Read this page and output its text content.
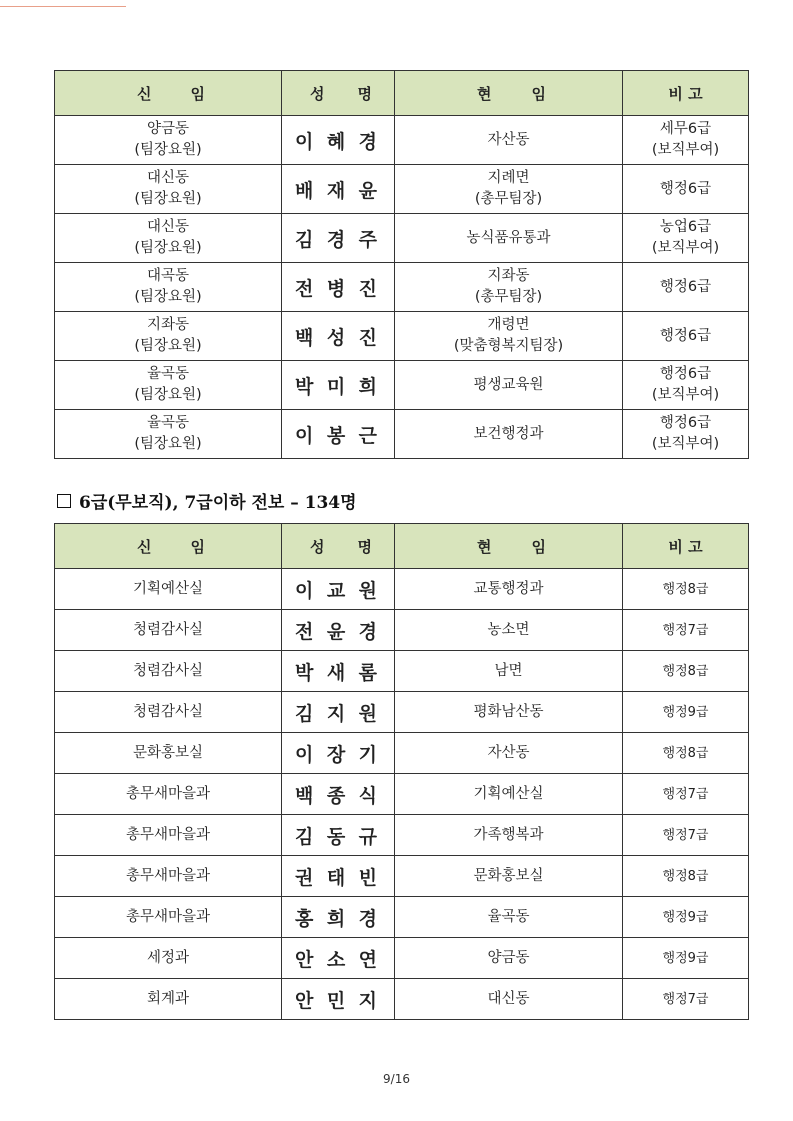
신 임	성 명	현 임	비 고

양금동
(팀장요원)	이 혜 경	자산동	세무6급
(보직부여)

대신동
(팀장요원)	배 재 윤	지례면
(총무팀장)	행정6급

대신동
(팀장요원)	김 경 주	농식품유통과	농업6급
(보직부여)

대곡동
(팀장요원)	전 병 진	지좌동
(총무팀장)	행정6급

지좌동
(팀장요원)	백 성 진	개령면
(맞춤형복지팀장)	행정6급

율곡동
(팀장요원)	박 미 희	평생교육원	행정6급
(보직부여)

율곡동
(팀장요원)	이 봉 근	보건행정과	행정6급
(보직부여)
6급(무보직), 7급이하 전보 – 134명
신 임	성 명	현 임	비 고
기획예산실	이 교 원	교통행정과	행정8급
청렴감사실	전 윤 경	농소면	행정7급
청렴감사실	박 새 롬	남면	행정8급
청렴감사실	김 지 원	평화남산동	행정9급
문화홍보실	이 장 기	자산동	행정8급
총무새마을과	백 종 식	기획예산실	행정7급
총무새마을과	김 동 규	가족행복과	행정7급
총무새마을과	권 태 빈	문화홍보실	행정8급
총무새마을과	홍 희 경	율곡동	행정9급
세정과	안 소 연	양금동	행정9급
회계과	안 민 지	대신동	행정7급
9/16
